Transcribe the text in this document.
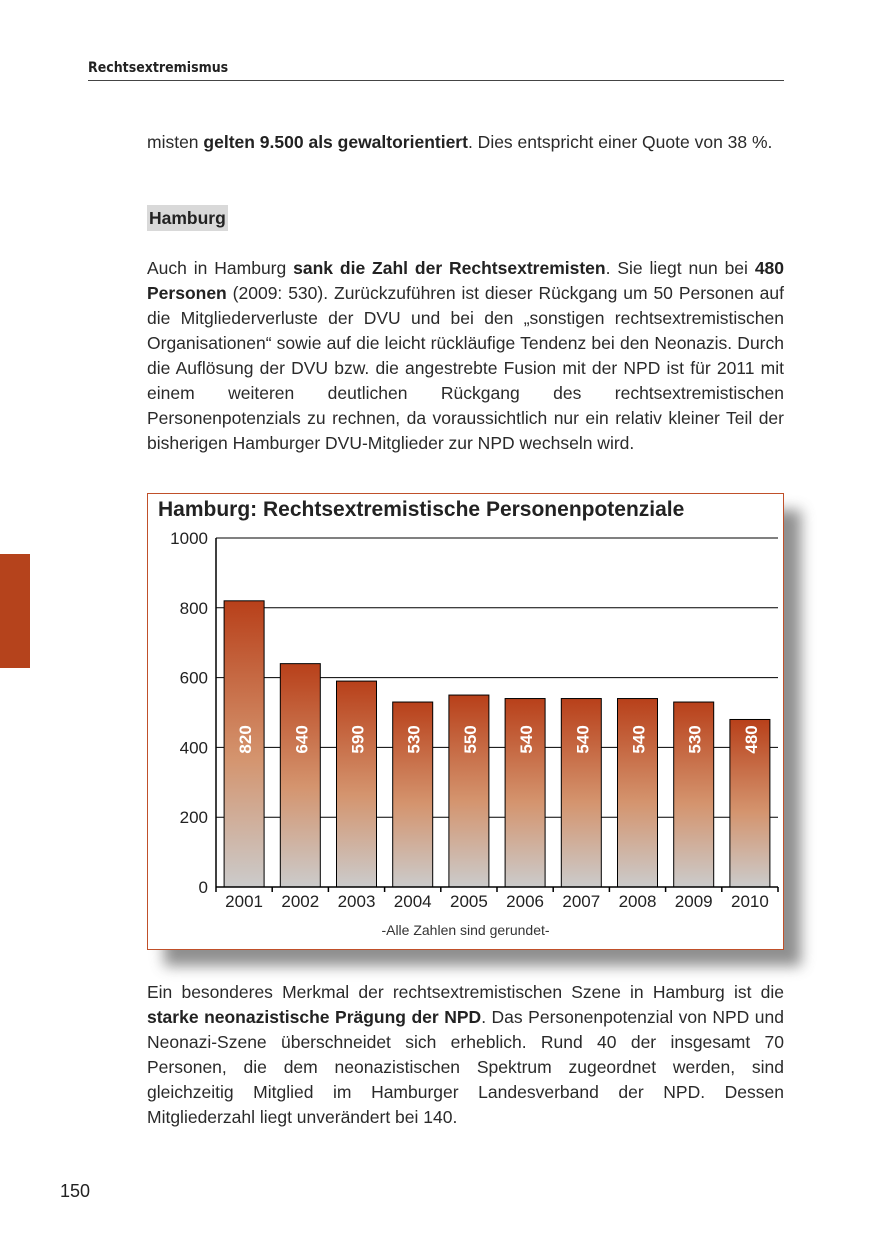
Rechtsextremismus

misten gelten 9.500 als gewaltorientiert. Dies entspricht einer Quote von 38 %.

Hamburg

Auch in Hamburg sank die Zahl der Rechtsextremisten. Sie liegt nun bei 480 Personen (2009: 530). Zurückzuführen ist dieser Rückgang um 50 Personen auf die Mitgliederverluste der DVU und bei den „sonstigen rechtsextremistischen Organisationen“ sowie auf die leicht rückläufige Tendenz bei den Neonazis. Durch die Auflösung der DVU bzw. die angestrebte Fusion mit der NPD ist für 2011 mit einem weiteren deutlichen Rückgang des rechtsextremistischen Personenpotenzials zu rechnen, da voraussichtlich nur ein relativ kleiner Teil der bisherigen Hamburger DVU-Mitglieder zur NPD wechseln wird.

0
200
400
600
800
1000
820
2001
640
2002
590
2003
530
2004
550
2005
540
2006
540
2007
540
2008
530
2009
480
2010
Hamburg: Rechtsextremistische Personenpotenziale
-Alle Zahlen sind gerundet-

Ein besonderes Merkmal der rechtsextremistischen Szene in Hamburg ist die starke neonazistische Prägung der NPD. Das Personenpotenzial von NPD und Neonazi-Szene überschneidet sich erheblich. Rund 40 der insgesamt 70 Personen, die dem neonazistischen Spektrum zugeordnet werden, sind gleichzeitig Mitglied im Hamburger Landesverband der NPD. Dessen Mitgliederzahl liegt unverändert bei 140.

150
